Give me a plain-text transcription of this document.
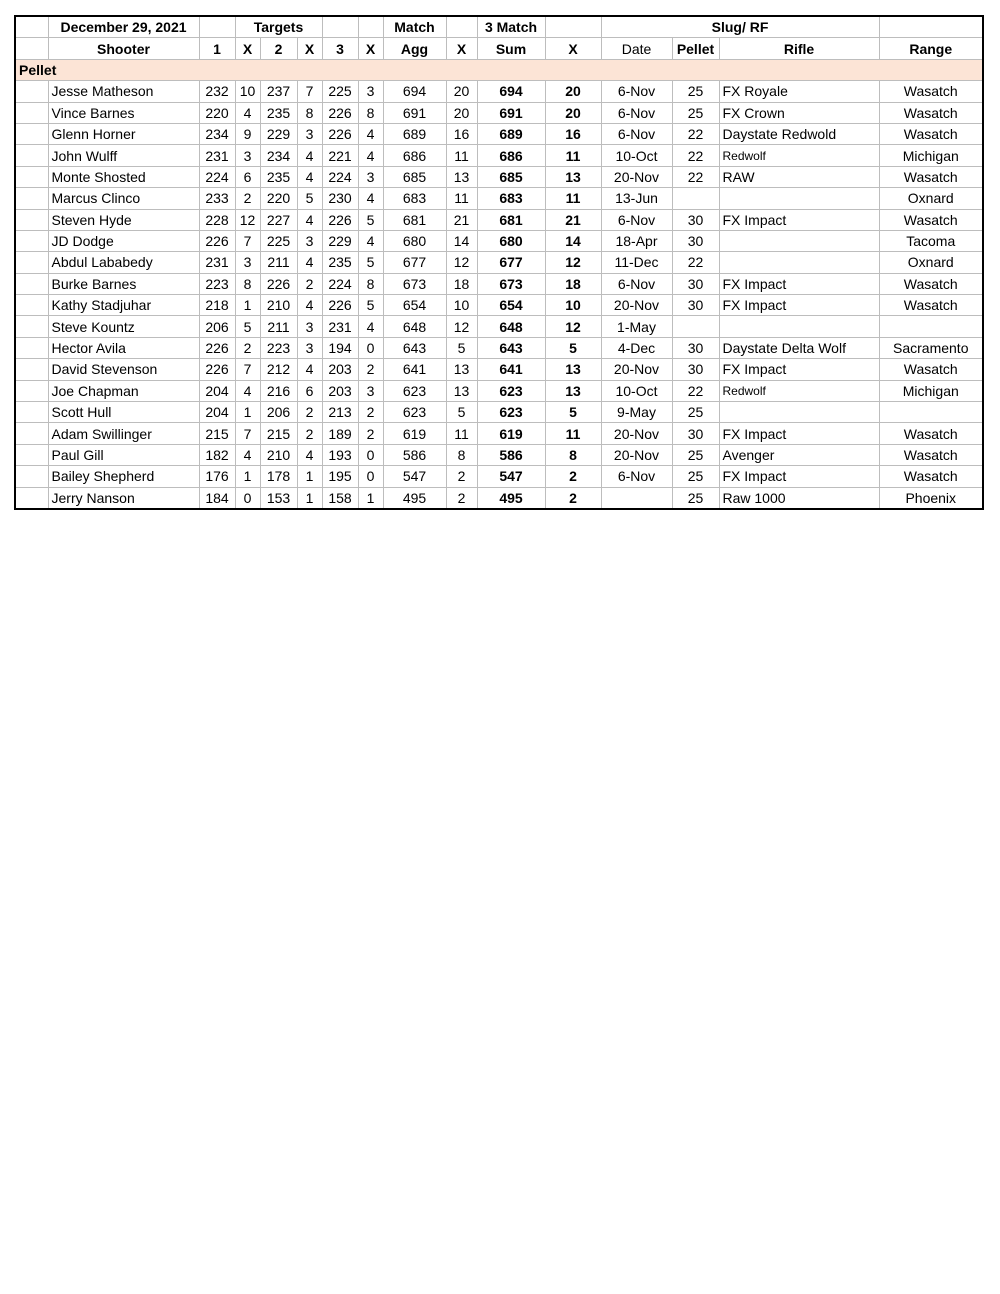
	December 29, 2021		Targets					Match		3 Match		Slug/ RF			
	Shooter	1	X	2	X	3	X	Agg	X	Sum	X	Date	Pellet	Rifle	Range
Pellet															
	Jesse Matheson	232	10	237	7	225	3	694	20	694	20	6-Nov	25	FX Royale	Wasatch
	Vince Barnes	220	4	235	8	226	8	691	20	691	20	6-Nov	25	FX Crown	Wasatch
	Glenn Horner	234	9	229	3	226	4	689	16	689	16	6-Nov	22	Daystate Redwold	Wasatch
	John Wulff	231	3	234	4	221	4	686	11	686	11	10-Oct	22	Redwolf	Michigan
	Monte Shosted	224	6	235	4	224	3	685	13	685	13	20-Nov	22	RAW	Wasatch
	Marcus Clinco	233	2	220	5	230	4	683	11	683	11	13-Jun			Oxnard
	Steven Hyde	228	12	227	4	226	5	681	21	681	21	6-Nov	30	FX Impact	Wasatch
	JD Dodge	226	7	225	3	229	4	680	14	680	14	18-Apr	30		Tacoma
	Abdul Lababedy	231	3	211	4	235	5	677	12	677	12	11-Dec	22		Oxnard
	Burke Barnes	223	8	226	2	224	8	673	18	673	18	6-Nov	30	FX Impact	Wasatch
	Kathy Stadjuhar	218	1	210	4	226	5	654	10	654	10	20-Nov	30	FX Impact	Wasatch
	Steve Kountz	206	5	211	3	231	4	648	12	648	12	1-May			
	Hector Avila	226	2	223	3	194	0	643	5	643	5	4-Dec	30	Daystate Delta Wolf	Sacramento
	David Stevenson	226	7	212	4	203	2	641	13	641	13	20-Nov	30	FX Impact	Wasatch
	Joe Chapman	204	4	216	6	203	3	623	13	623	13	10-Oct	22	Redwolf	Michigan
	Scott Hull	204	1	206	2	213	2	623	5	623	5	9-May	25		
	Adam Swillinger	215	7	215	2	189	2	619	11	619	11	20-Nov	30	FX Impact	Wasatch
	Paul Gill	182	4	210	4	193	0	586	8	586	8	20-Nov	25	Avenger	Wasatch
	Bailey Shepherd	176	1	178	1	195	0	547	2	547	2	6-Nov	25	FX Impact	Wasatch
	Jerry Nanson	184	0	153	1	158	1	495	2	495	2		25	Raw 1000	Phoenix
